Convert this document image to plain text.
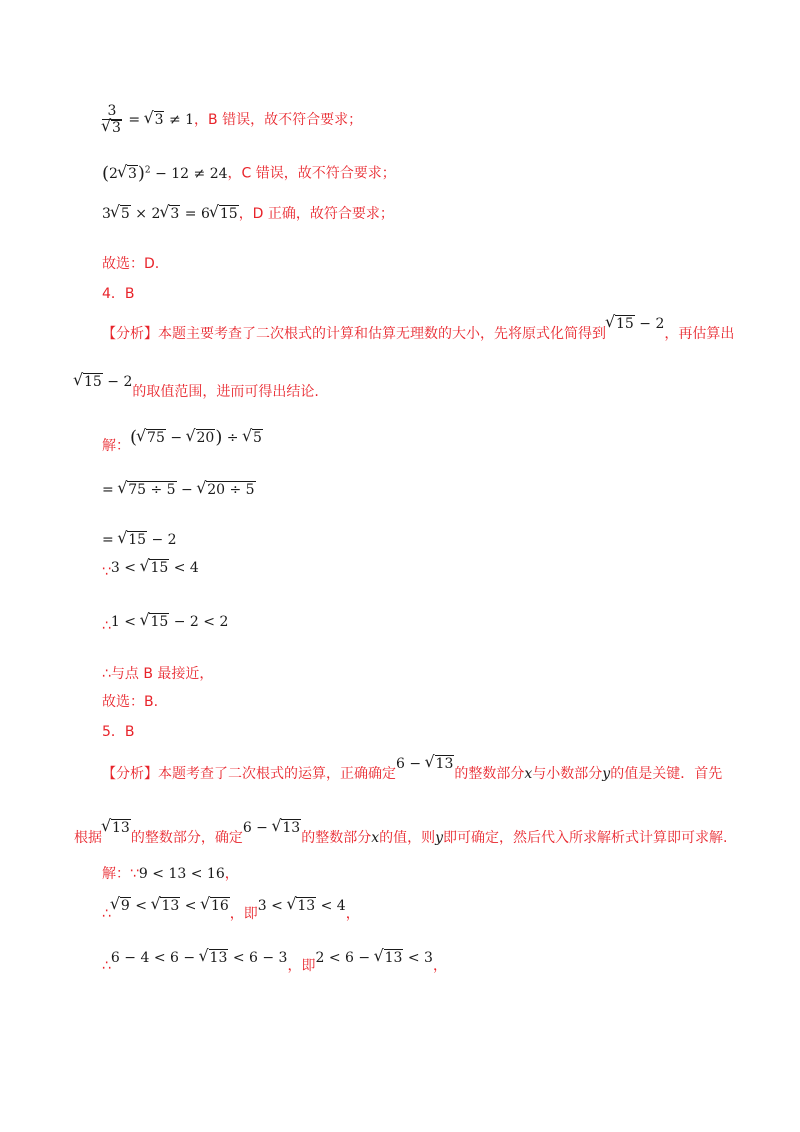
3
√ 3 = √ 3 ≠ 1，B 错误，故不符合要求；
(2 √ 3)$^2$ − 12 ≠ 24，C 错误，故不符合要求；
3 √ 5 × 2 √ 3 = 6 √ 15，D 正确，故符合要求；
故选：D.
4．B
【分析】本题主要考查了二次根式的计算和估算无理数的大小，先将原式化简得到√ 15 − 2，再估算出
√ 15 − 2的取值范围，进而可得出结论.
解：( √ 75 − √ 20) ÷ √ 5
= √ 75 ÷ 5 − √ 20 ÷ 5
= √ 15 − 2
∵3 < √ 15 < 4
∴1 < √ 15 − 2 < 2
∴与点 B 最接近，
故选：B.
5．B
【分析】本题考查了二次根式的运算，正确确定6 − √ 13的整数部分x与小数部分y的值是关键．首先
根据√ 13的整数部分，确定6 − √ 13的整数部分x的值，则y即可确定，然后代入所求解析式计算即可求解.
解：∵9 < 13 < 16，
∴ √ 9 < √ 13 < √ 16，即3 < √ 13 < 4，
∴6 − 4 < 6 − √ 13 < 6 − 3，即2 < 6 − √ 13 < 3，
